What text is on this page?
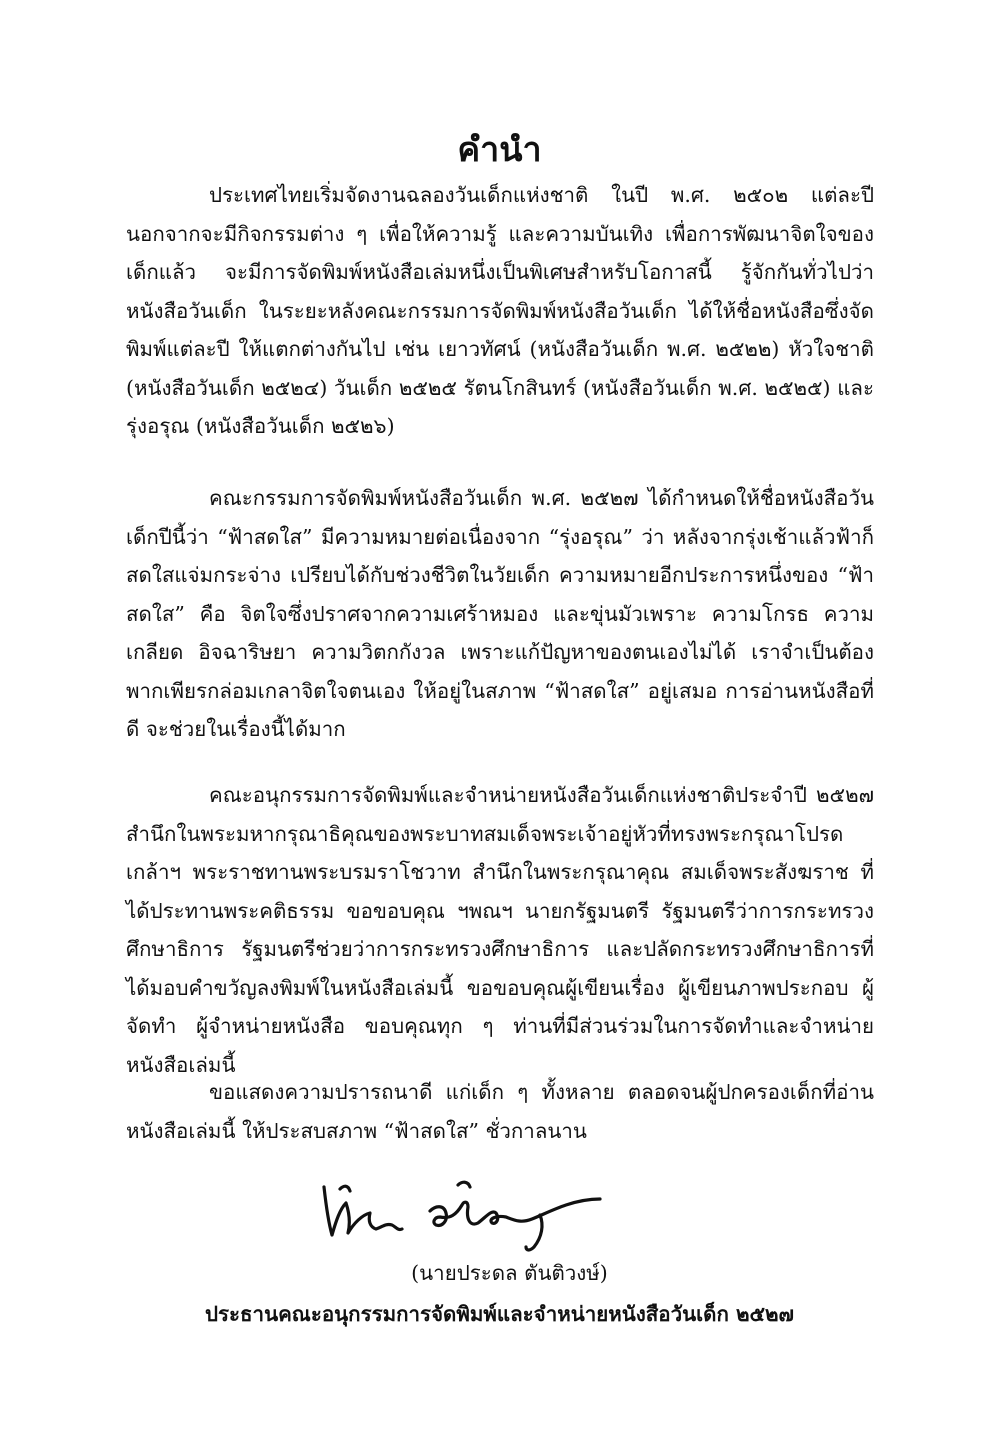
คำนำ

ประเทศไทยเริ่มจัดงานฉลองวันเด็กแห่งชาติ ในปี พ.ศ. ๒๕๐๒ แต่ละปี นอกจากจะมีกิจกรรมต่าง ๆ เพื่อให้ความรู้ และความบันเทิง เพื่อการพัฒนาจิตใจของเด็กแล้ว จะมีการจัดพิมพ์หนังสือเล่มหนึ่งเป็นพิเศษสำหรับโอกาสนี้ รู้จักกันทั่วไปว่า หนังสือวันเด็ก ในระยะหลังคณะกรรมการจัดพิมพ์หนังสือวันเด็ก ได้ให้ชื่อหนังสือซึ่งจัดพิมพ์แต่ละปี ให้แตกต่างกันไป เช่น เยาวทัศน์ (หนังสือวันเด็ก พ.ศ. ๒๕๒๒) หัวใจชาติ (หนังสือวันเด็ก ๒๕๒๔) วันเด็ก ๒๕๒๕ รัตนโกสินทร์ (หนังสือวันเด็ก พ.ศ. ๒๕๒๕) และรุ่งอรุณ (หนังสือวันเด็ก ๒๕๒๖)

คณะกรรมการจัดพิมพ์หนังสือวันเด็ก พ.ศ. ๒๕๒๗ ได้กำหนดให้ชื่อหนังสือวันเด็กปีนี้ว่า “ฟ้าสดใส” มีความหมายต่อเนื่องจาก “รุ่งอรุณ” ว่า หลังจากรุ่งเช้าแล้วฟ้าก็สดใสแจ่มกระจ่าง เปรียบได้กับช่วงชีวิตในวัยเด็ก ความหมายอีกประการหนึ่งของ “ฟ้าสดใส” คือ จิตใจซึ่งปราศจากความเศร้าหมอง และขุ่นมัวเพราะ ความโกรธ ความเกลียด อิจฉาริษยา ความวิตกกังวล เพราะแก้ปัญหาของตนเองไม่ได้ เราจำเป็นต้องพากเพียรกล่อมเกลาจิตใจตนเอง ให้อยู่ในสภาพ “ฟ้าสดใส” อยู่เสมอ การอ่านหนังสือที่ดี จะช่วยในเรื่องนี้ได้มาก

คณะอนุกรรมการจัดพิมพ์และจำหน่ายหนังสือวันเด็กแห่งชาติประจำปี ๒๕๒๗ สำนึกในพระมหากรุณาธิคุณของพระบาทสมเด็จพระเจ้าอยู่หัวที่ทรงพระกรุณาโปรดเกล้าฯ พระราชทานพระบรมราโชวาท สำนึกในพระกรุณาคุณ สมเด็จพระสังฆราช ที่ได้ประทานพระคติธรรม ขอขอบคุณ ฯพณฯ นายกรัฐมนตรี รัฐมนตรีว่าการกระทรวงศึกษาธิการ รัฐมนตรีช่วยว่าการกระทรวงศึกษาธิการ และปลัดกระทรวงศึกษาธิการที่ได้มอบคำขวัญลงพิมพ์ในหนังสือเล่มนี้ ขอขอบคุณผู้เขียนเรื่อง ผู้เขียนภาพประกอบ ผู้จัดทำ ผู้จำหน่ายหนังสือ ขอบคุณทุก ๆ ท่านที่มีส่วนร่วมในการจัดทำและจำหน่ายหนังสือเล่มนี้

ขอแสดงความปรารถนาดี แก่เด็ก ๆ ทั้งหลาย ตลอดจนผู้ปกครองเด็กที่อ่านหนังสือเล่มนี้ ให้ประสบสภาพ “ฟ้าสดใส” ชั่วกาลนาน

(นายประดล ตันติวงษ์)
ประธานคณะอนุกรรมการจัดพิมพ์และจำหน่ายหนังสือวันเด็ก ๒๕๒๗
